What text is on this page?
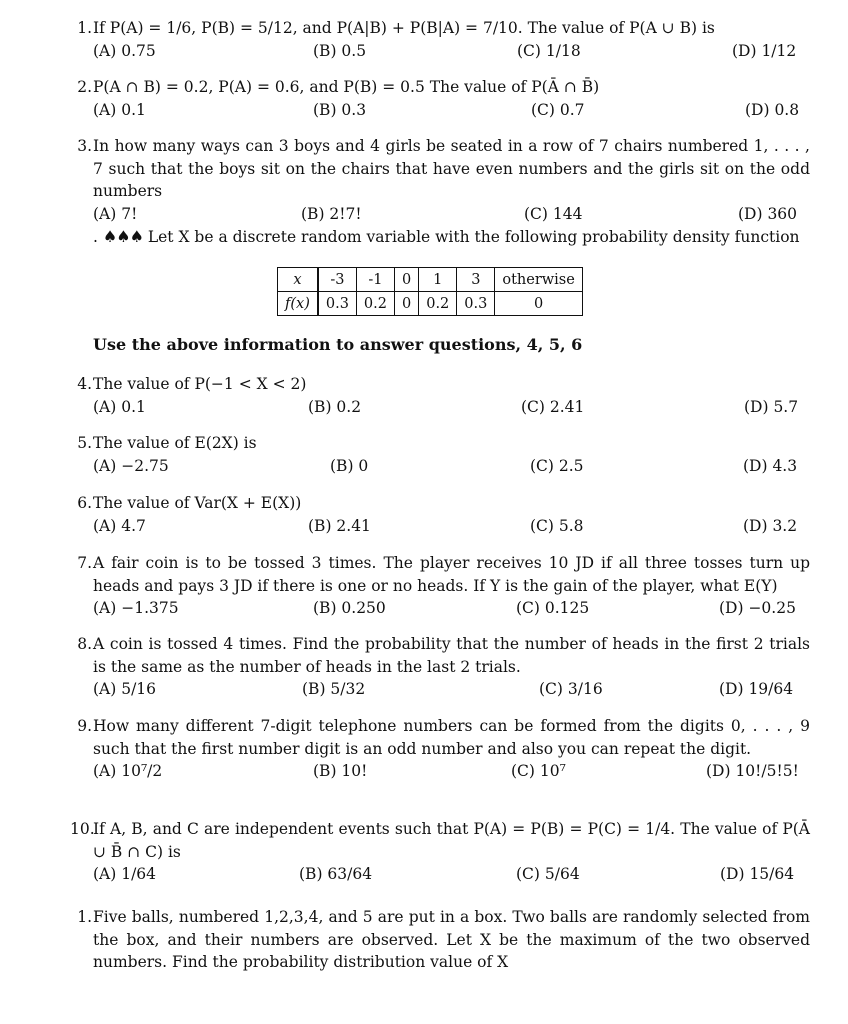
1. If P(A) = 1/6, P(B) = 5/12, and P(A|B) + P(B|A) = 7/10. The value of P(A ∪ B) is
(A) 0.75	(B) 0.5	(C) 1/18	(D) 1/12
2. P(A ∩ B) = 0.2, P(A) = 0.6, and P(B) = 0.5 The value of P(Ā ∩ B̄)
(A) 0.1	(B) 0.3	(C) 0.7	(D) 0.8
3. In how many ways can 3 boys and 4 girls be seated in a row of 7 chairs numbered 1, . . . , 7 such that the boys sit on the chairs that have even numbers and the girls sit on the odd numbers
(A) 7!	(B) 2!7!	(C) 144	(D) 360
. ♠♠♠ Let X be a discrete random variable with the following probability density function
x	-3	-1	0	1	3	otherwise
f(x)	0.3	0.2	0	0.2	0.3	0
Use the above information to answer questions, 4, 5, 6
4. The value of P(−1 < X < 2)
(A) 0.1	(B) 0.2	(C) 2.41	(D) 5.7
5. The value of E(2X) is
(A) −2.75	(B) 0	(C) 2.5	(D) 4.3
6. The value of Var(X + E(X))
(A) 4.7	(B) 2.41	(C) 5.8	(D) 3.2
7. A fair coin is to be tossed 3 times. The player receives 10 JD if all three tosses turn up heads and pays 3 JD if there is one or no heads. If Y is the gain of the player, what E(Y)
(A) −1.375	(B) 0.250	(C) 0.125	(D) −0.25
8. A coin is tossed 4 times. Find the probability that the number of heads in the first 2 trials is the same as the number of heads in the last 2 trials.
(A) 5/16	(B) 5/32	(C) 3/16	(D) 19/64
9. How many different 7-digit telephone numbers can be formed from the digits 0, . . . , 9 such that the first number digit is an odd number and also you can repeat the digit.
(A) 10⁷/2	(B) 10!	(C) 10⁷	(D) 10!/5!5!
10.
If A, B, and C are independent events such that P(A) = P(B) = P(C) = 1/4. The value of P(Ā ∪ B̄ ∩ C) is
(A) 1/64	(B) 63/64	(C) 5/64	(D) 15/64
1. Five balls, numbered 1,2,3,4, and 5 are put in a box. Two balls are randomly selected from the box, and their numbers are observed. Let X be the maximum of the two observed numbers. Find the probability distribution value of X
